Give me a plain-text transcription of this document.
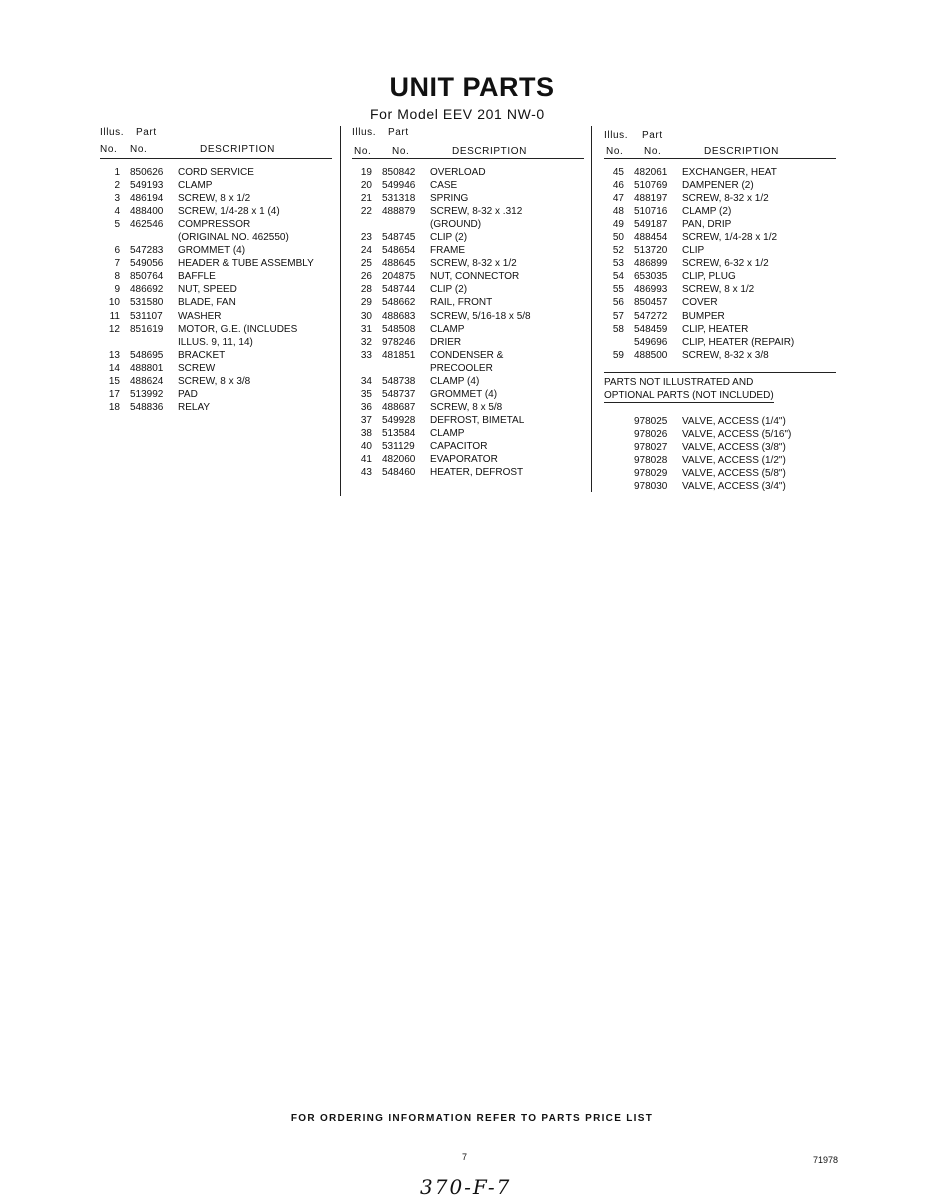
UNIT PARTS
For Model EEV 201 NW-0
Illus. Part
No. No.	DESCRIPTION
1	850626	CORD SERVICE
2	549193	CLAMP
3	486194	SCREW, 8 x 1/2
4	488400	SCREW, 1/4-28 x 1 (4)
5	462546	COMPRESSOR
(ORIGINAL NO. 462550)
6	547283	GROMMET (4)
7	549056	HEADER & TUBE ASSEMBLY
8	850764	BAFFLE
9	486692	NUT, SPEED
10	531580	BLADE, FAN
11	531107	WASHER
12	851619	MOTOR, G.E. (INCLUDES
ILLUS. 9, 11, 14)
13	548695	BRACKET
14	488801	SCREW
15	488624	SCREW, 8 x 3/8
17	513992	PAD
18	548836	RELAY
Illus. Part
No. No.	DESCRIPTION
19	850842	OVERLOAD
20	549946	CASE
21	531318	SPRING
22	488879	SCREW, 8-32 x .312
(GROUND)
23	548745	CLIP (2)
24	548654	FRAME
25	488645	SCREW, 8-32 x 1/2
26	204875	NUT, CONNECTOR
28	548744	CLIP (2)
29	548662	RAIL, FRONT
30	488683	SCREW, 5/16-18 x 5/8
31	548508	CLAMP
32	978246	DRIER
33	481851	CONDENSER &
PRECOOLER
34	548738	CLAMP (4)
35	548737	GROMMET (4)
36	488687	SCREW, 8 x 5/8
37	549928	DEFROST, BIMETAL
38	513584	CLAMP
40	531129	CAPACITOR
41	482060	EVAPORATOR
43	548460	HEATER, DEFROST
Illus. Part
No. No.	DESCRIPTION
45	482061	EXCHANGER, HEAT
46	510769	DAMPENER (2)
47	488197	SCREW, 8-32 x 1/2
48	510716	CLAMP (2)
49	549187	PAN, DRIP
50	488454	SCREW, 1/4-28 x 1/2
52	513720	CLIP
53	486899	SCREW, 6-32 x 1/2
54	653035	CLIP, PLUG
55	486993	SCREW, 8 x 1/2
56	850457	COVER
57	547272	BUMPER
58	548459	CLIP, HEATER
549696	CLIP, HEATER (REPAIR)
59	488500	SCREW, 8-32 x 3/8
PARTS NOT ILLUSTRATED AND
OPTIONAL PARTS (NOT INCLUDED)
978025	VALVE, ACCESS (1/4")
978026	VALVE, ACCESS (5/16")
978027	VALVE, ACCESS (3/8")
978028	VALVE, ACCESS (1/2")
978029	VALVE, ACCESS (5/8")
978030	VALVE, ACCESS (3/4")
FOR ORDERING INFORMATION REFER TO PARTS PRICE LIST
7	71978
370-F-7
